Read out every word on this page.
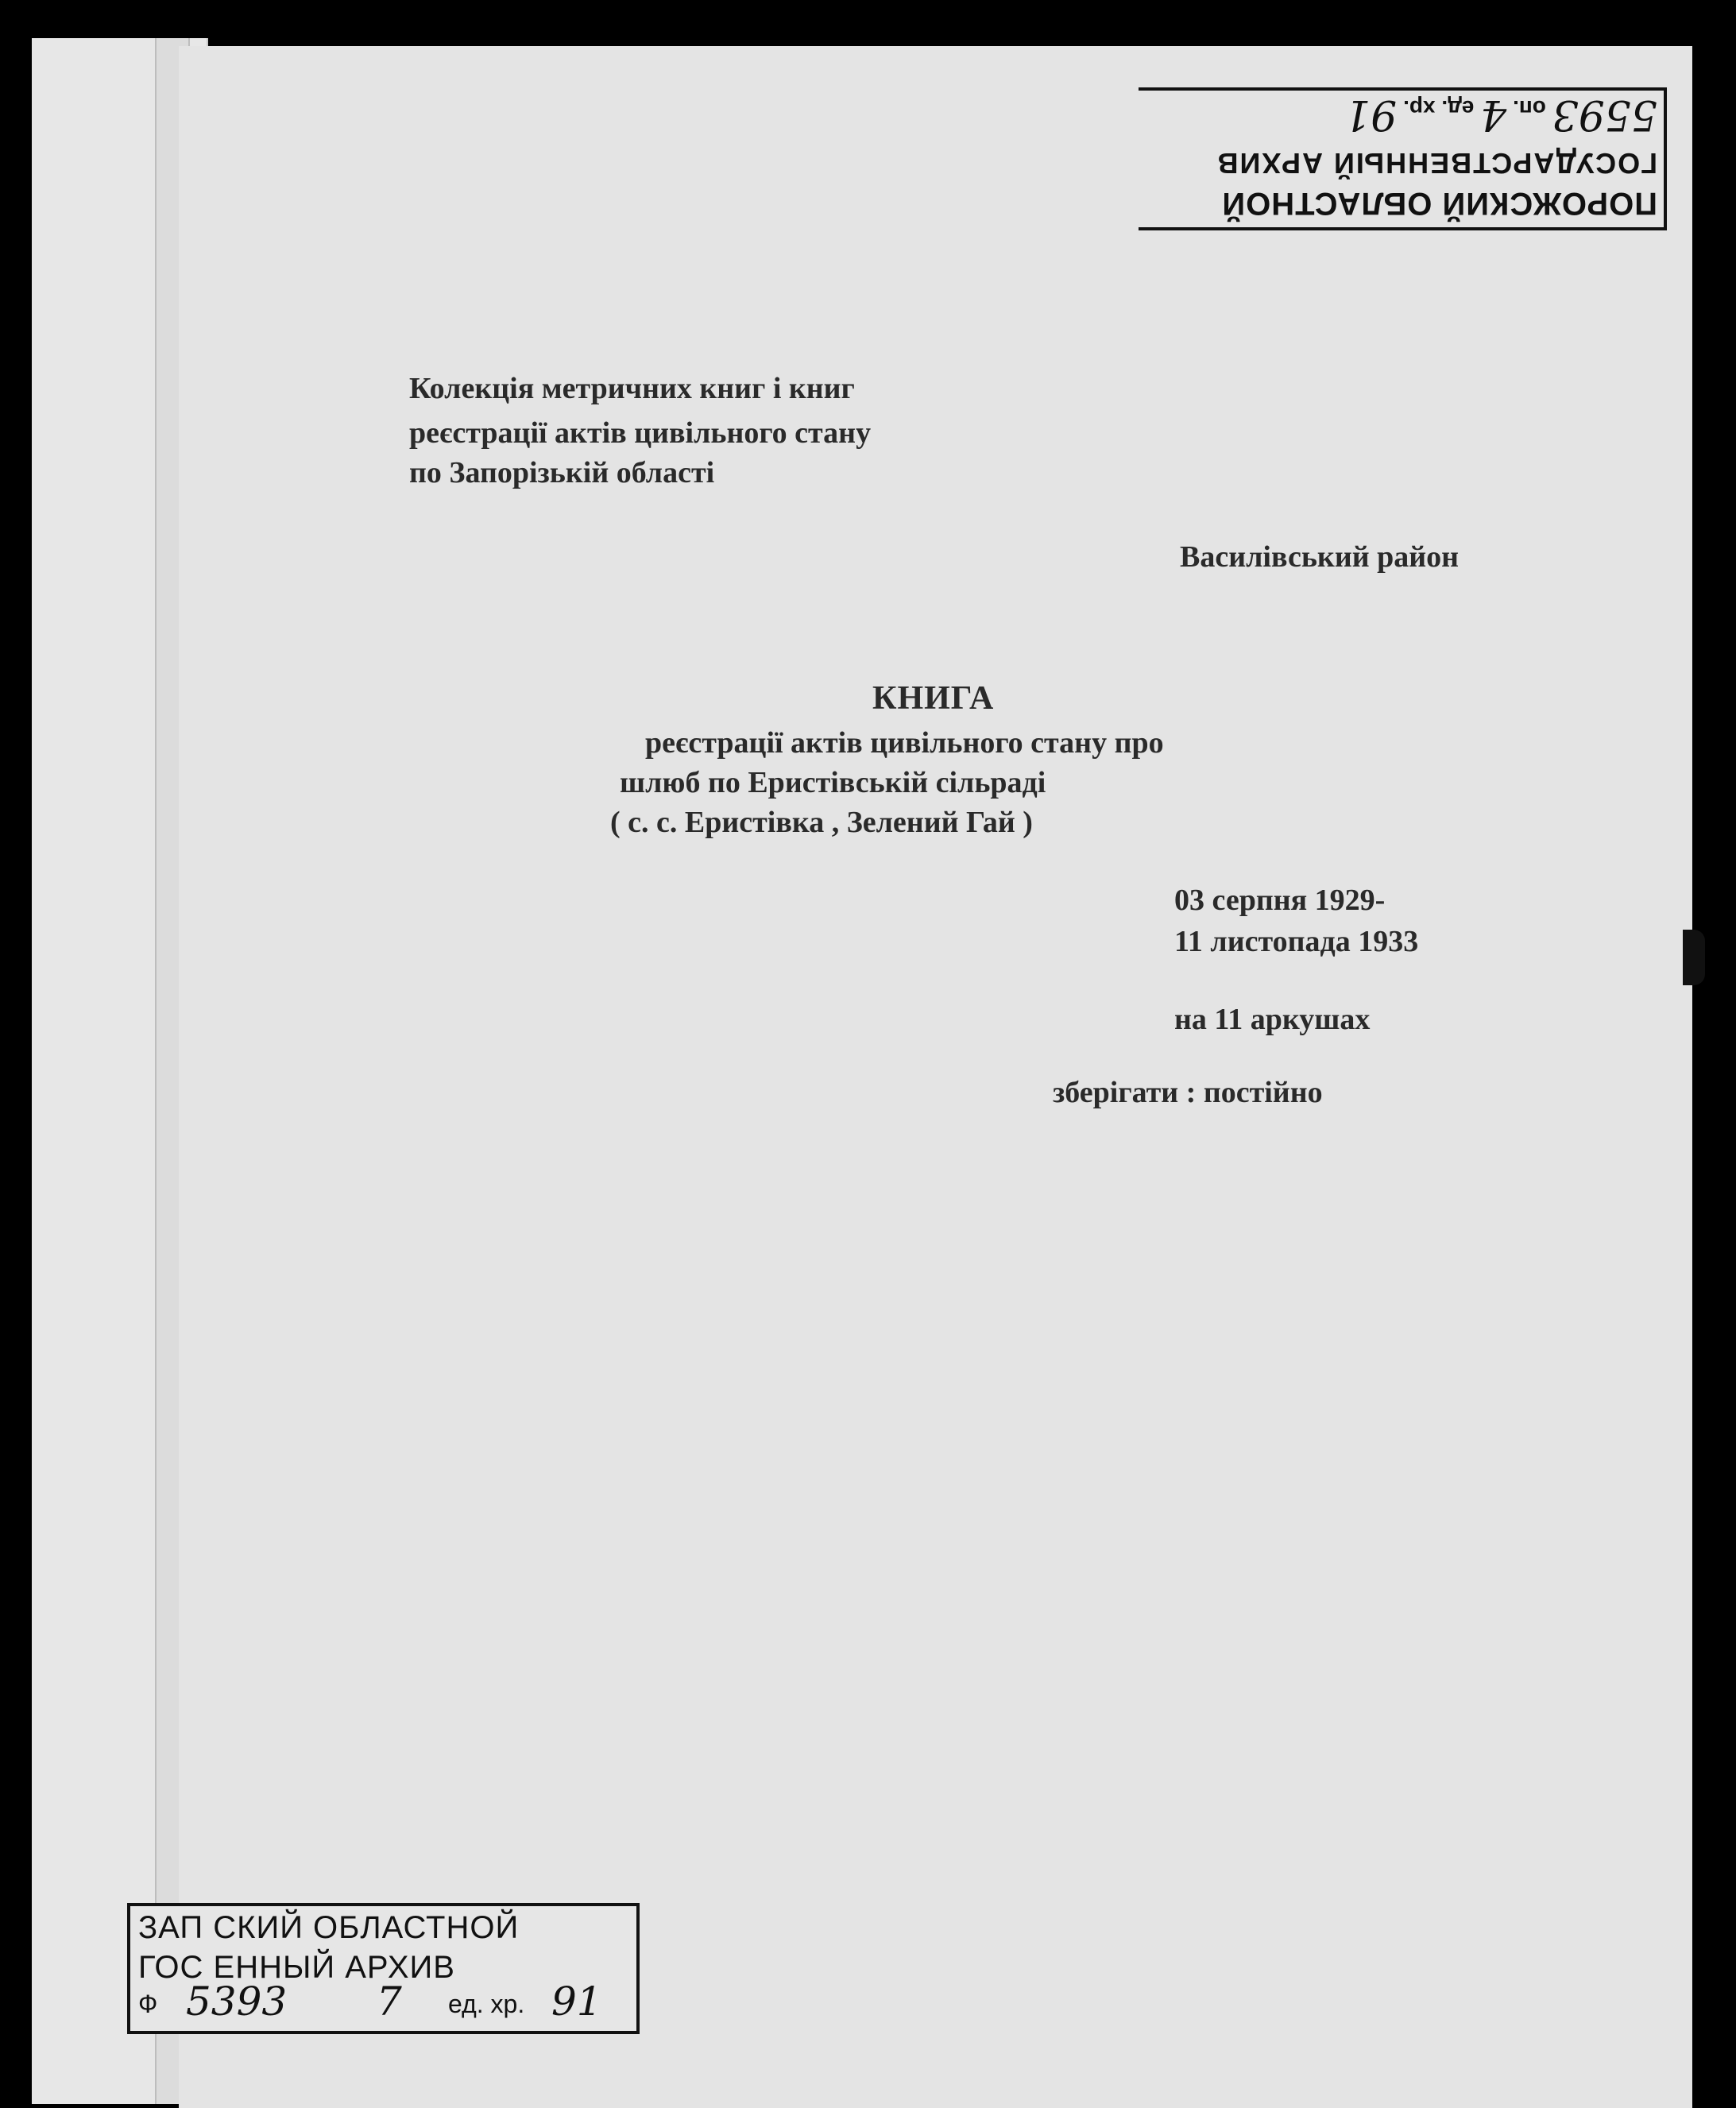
ПОРОЖСКИЙ ОБЛАСТНОЙ
ГОСУДАРСТВЕННЫЙ АРХИВ
5593 оп. 4 ед. хр. 91
Колекція метричних книг і книг
реєстрації актів цивільного стану
по Запорізькій області
Василівський район
КНИГА
реєстрації актів цивільного стану про
шлюб по Еристівській сільраді
( с. с. Еристівка , Зелений Гай )
03 серпня 1929-
11 листопада 1933
на 11 аркушах
зберігати : постійно
ЗАП СКИЙ ОБЛАСТНОЙ
ГОС ЕННЫЙ АРХИВ
Ф 5393 7 ед. хр. 91
